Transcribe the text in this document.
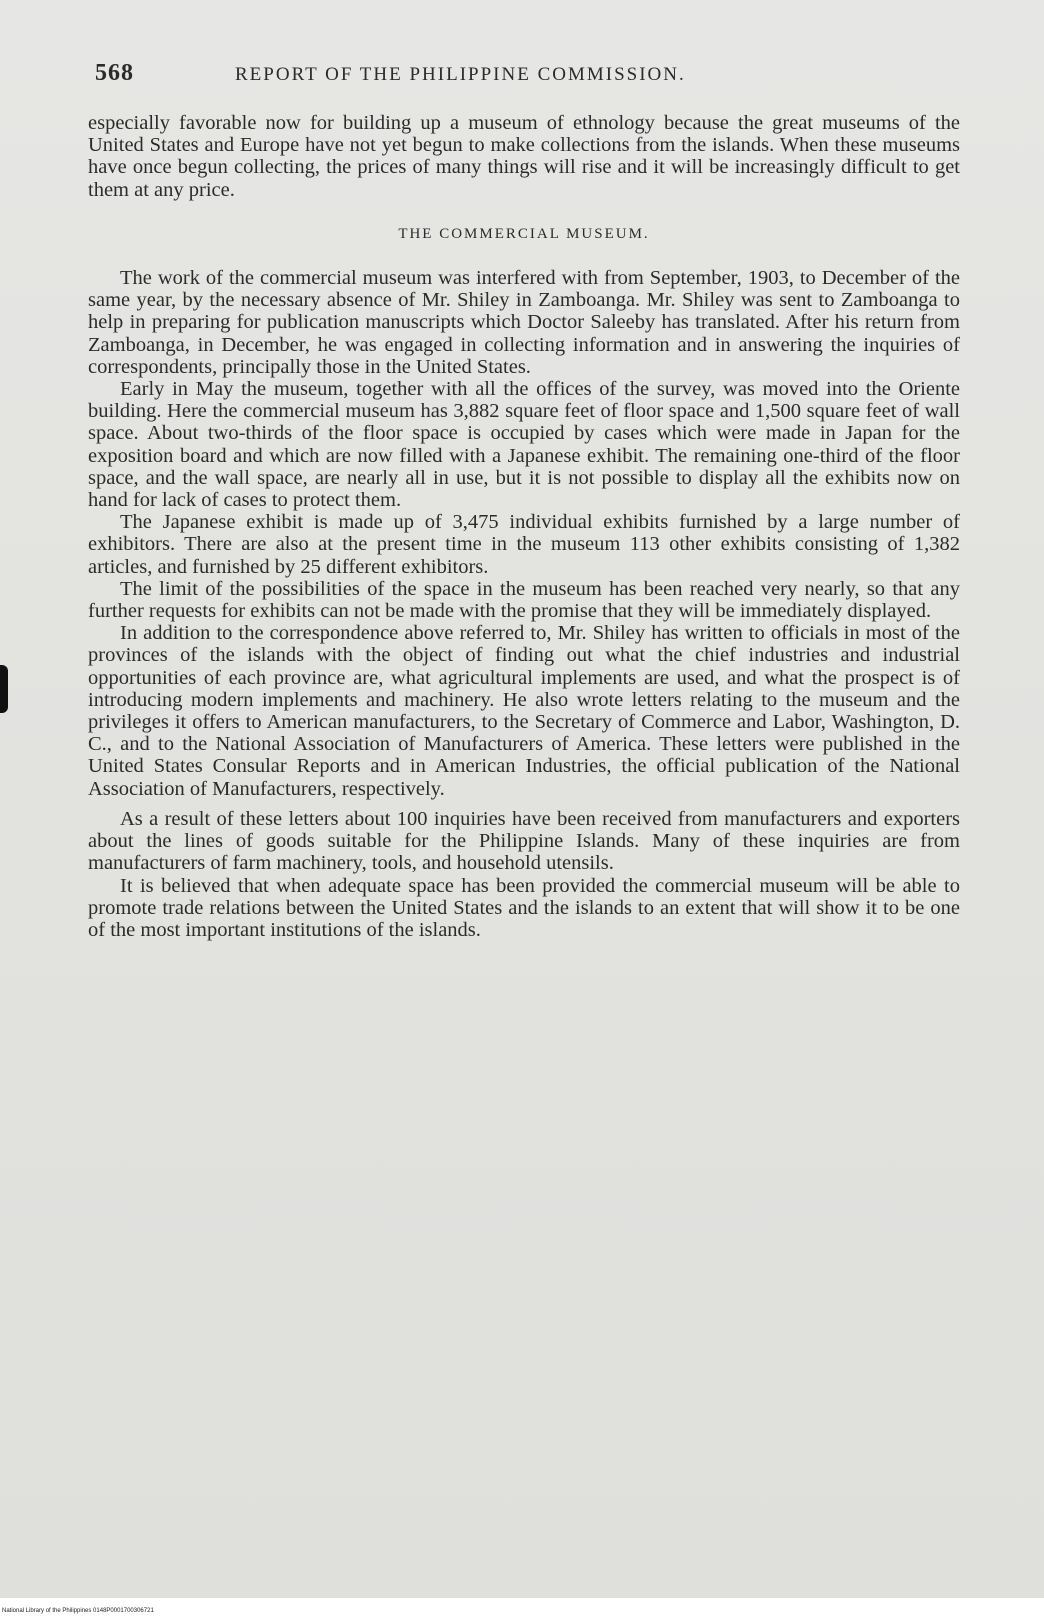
568	REPORT OF THE PHILIPPINE COMMISSION.

especially favorable now for building up a museum of ethnology because the great museums of the United States and Europe have not yet begun to make collections from the islands. When these museums have once begun collecting, the prices of many things will rise and it will be increasingly difficult to get them at any price.

THE COMMERCIAL MUSEUM.

The work of the commercial museum was interfered with from September, 1903, to December of the same year, by the necessary absence of Mr. Shiley in Zamboanga. Mr. Shiley was sent to Zamboanga to help in preparing for publication manuscripts which Doctor Saleeby has translated. After his return from Zamboanga, in December, he was engaged in collecting information and in answering the inquiries of correspondents, principally those in the United States.

Early in May the museum, together with all the offices of the survey, was moved into the Oriente building. Here the commercial museum has 3,882 square feet of floor space and 1,500 square feet of wall space. About two-thirds of the floor space is occupied by cases which were made in Japan for the exposition board and which are now filled with a Japanese exhibit. The remaining one-third of the floor space, and the wall space, are nearly all in use, but it is not possible to display all the exhibits now on hand for lack of cases to protect them.

The Japanese exhibit is made up of 3,475 individual exhibits furnished by a large number of exhibitors. There are also at the present time in the museum 113 other exhibits consisting of 1,382 articles, and furnished by 25 different exhibitors.

The limit of the possibilities of the space in the museum has been reached very nearly, so that any further requests for exhibits can not be made with the promise that they will be immediately displayed.

In addition to the correspondence above referred to, Mr. Shiley has written to officials in most of the provinces of the islands with the object of finding out what the chief industries and industrial opportunities of each province are, what agricultural implements are used, and what the prospect is of introducing modern implements and machinery. He also wrote letters relating to the museum and the privileges it offers to American manufacturers, to the Secretary of Commerce and Labor, Washington, D. C., and to the National Association of Manufacturers of America. These letters were published in the United States Consular Reports and in American Industries, the official publication of the National Association of Manufacturers, respectively.

As a result of these letters about 100 inquiries have been received from manufacturers and exporters about the lines of goods suitable for the Philippine Islands. Many of these inquiries are from manufacturers of farm machinery, tools, and household utensils.

It is believed that when adequate space has been provided the commercial museum will be able to promote trade relations between the United States and the islands to an extent that will show it to be one of the most important institutions of the islands.

National Library of the Philippines 0148P0001700306721
